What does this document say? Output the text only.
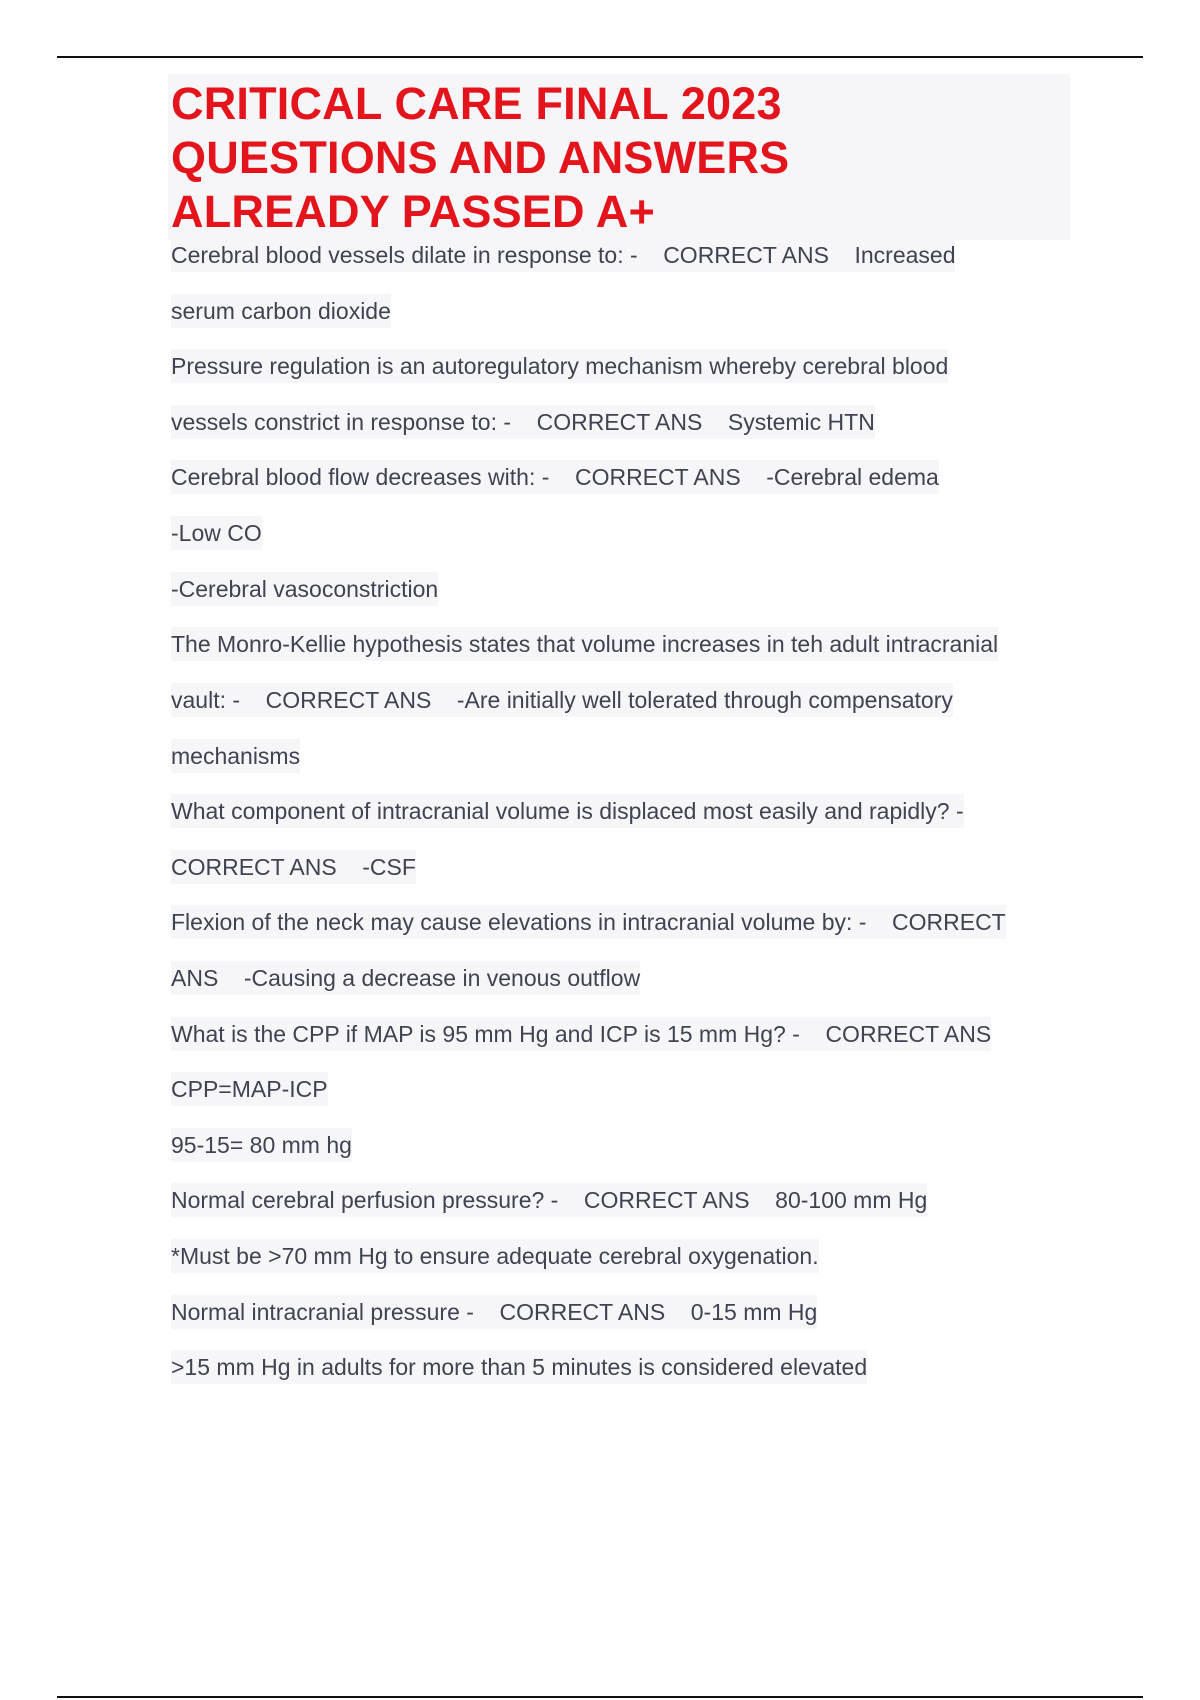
CRITICAL CARE FINAL 2023
QUESTIONS AND ANSWERS
ALREADY PASSED A+
Cerebral blood vessels dilate in response to: -    CORRECT ANS    Increased
serum carbon dioxide
Pressure regulation is an autoregulatory mechanism whereby cerebral blood
vessels constrict in response to: -    CORRECT ANS    Systemic HTN
Cerebral blood flow decreases with: -    CORRECT ANS    -Cerebral edema
-Low CO
-Cerebral vasoconstriction
The Monro-Kellie hypothesis states that volume increases in teh adult intracranial
vault: -    CORRECT ANS    -Are initially well tolerated through compensatory
mechanisms
What component of intracranial volume is displaced most easily and rapidly? -
CORRECT ANS    -CSF
Flexion of the neck may cause elevations in intracranial volume by: -    CORRECT
ANS    -Causing a decrease in venous outflow
What is the CPP if MAP is 95 mm Hg and ICP is 15 mm Hg? -    CORRECT ANS
CPP=MAP-ICP
95-15= 80 mm hg
Normal cerebral perfusion pressure? -    CORRECT ANS    80-100 mm Hg
*Must be >70 mm Hg to ensure adequate cerebral oxygenation.
Normal intracranial pressure -    CORRECT ANS    0-15 mm Hg
>15 mm Hg in adults for more than 5 minutes is considered elevated
